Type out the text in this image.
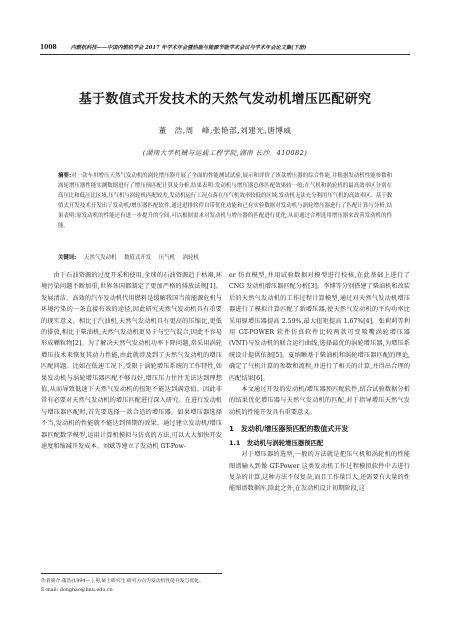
1008	内燃机科技——中国内燃机学会 2017 年学术年会暨热能与能源节能学术会议与学术年会论文集(下册)
基于数值式开发技术的天然气发动机增压匹配研究
董　浩,周　峰,张艳部,刘建光,唐博威
(湖南大学机械与运载工程学院,湖南 长沙　410082)
摘要:对一款车用增压天然气发动机的涡轮增压器开展了全面的性能测试试验,展示和评价了该款增压器的综合性能,并根据发动机性能参数和涡轮增压器性能实测数据进行了增压预匹配计算及分析,结果表明:发动机与增压器总体匹配效果较一般;在气机和涡轮机的最高效率区分别在高压比和低压比区域,压气机与涡轮机匹配较差,发动机运行工况点落在压气机效率较低的区域,发动机无法充分利用压气机的高效率区。基于数值式开发技术开发出了发动机/增压器匹配软件,通过进排软件自带优化功能和已有实验数据对发动机与涡轮增压器进行了匹配计算与分析,结果表明:原发动机的性能还有进一步提升的空间,可以根据需求对发动机与增压器的匹配进行优化,从而通过合理选用增压器来改善发动机的性能。
关键词: 天然气发动机 数值式开发 压气机 涡轮机

由于石油资源的过度开采和使用,全球的石油资源趋于枯竭,环境污染问题不断加重,世界各国都制定了更加严格的排放法规[1]。发展清洁、高效的汽车发动机代用燃料是缓解我国当前能源危机与环境污染的一条直接有效的途径,因此研究天然气发动机具有重要的现实意义。相比于汽油机,天然气发动机具有更高的压缩比,更低的排放,相比于柴油机,天然气发动机更易于与空气混合,因此不容易形成颗粒物[2]。为了解决天然气发动机功率下降问题,常采用涡轮增压技术来恢复其动力性能,由此就涉及到了天然气发动机的增压匹配问题。比如在低速工况下,受限于涡轮增压系统的工作特性,如果发动机与涡轮增压器匹配不够良好,增压压力往往无法达到理想值,从而导致低速下天然气发动机的扭矩不能达到满意值。因此非常有必要对天然气发动机的增压匹配进行深入研究。在进行发动机与增压器匹配时,首先要选择一款合适的增压器。如果增压器选择不当,发动机的性能就不能达到预期的效果。通过建立发动机/增压器匹配数学模型,运用计算机模拟与仿真的方法,可以大大加快开发速度和缩减开发成本。刘斌等建立了发动机 GT-Pow-

er 仿真模型,并用试验数据对模型进行校核,在此基础上进行了 CNG 发动机增压器匹配分析[3]。李博等分别搭建了柴油机和改装后的天然气发动机的工作过程计算模型,通过对天然气发动机增压器进行了模拟计算匹配了新增压器,使天然气发动机的平均功率比采用原增压器提高 2.59%,最大扭矩提高 1.67%[4]。张莉莉等利用 GT-POWER 软件仿真软件比较两款可变喷嘴涡轮增压器(VNT)与发动机的联合运行曲线,选择最优的涡轮增压器,为增压系统设计提供依据[5]。夏纳晰基于柴油机和涡轮增压器匹配的理论,确定了气机计算的参数和流程,并进行了相关的计算,并得出合理的匹配结果[6]。

本文通过开发的发动机/增压器预匹配软件,结合试验数据分析的结果优化增压器与天然气发动机的匹配,对于指导增压天然气发动机的性能开发具有重要意义。

1　发动机/增压器预匹配的数值式开发
1.1　发动机与涡轮增压器预匹配

对于增压器的选型,一般的方法就是把压气机和涡轮机的性能图谱输入到像 GT-Power 这类发动机工作过程模拟软件中去进行复杂的计算,这种方法不仅复杂,而且工作量巨大,还需要有大量的性能图谱数据库,除此之外,在发动机设计初期阶段,这

作者简介:董浩(1994— ),男,硕士研究生,研究方向为发动机性能开发与优化。
E-mail: donghao@hnu.edu.cn
